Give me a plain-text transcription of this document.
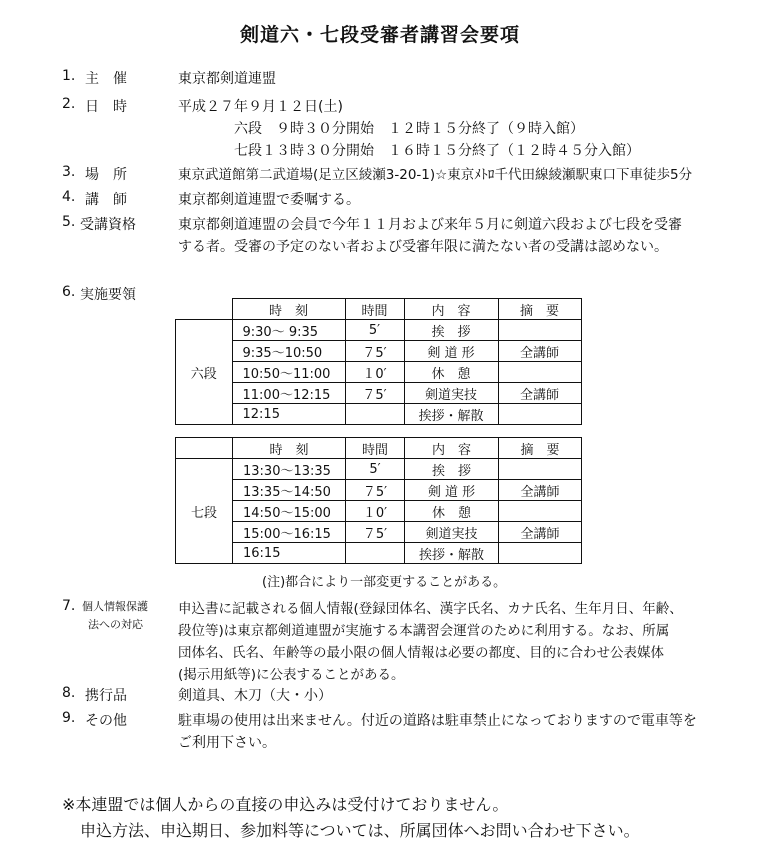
剣道六・七段受審者講習会要項
1. 主　催	東京都剣道連盟
2. 日　時	平成２７年９月１２日(土)
六段　９時３０分開始　１２時１５分終了（９時入館）
七段１３時３０分開始　１６時１５分終了（１２時４５分入館）
3. 場　所	東京武道館第二武道場(足立区綾瀬3-20-1)☆東京ﾒﾄﾛ千代田線綾瀬駅東口下車徒歩5分
4. 講　師	東京都剣道連盟で委嘱する。
5. 受講資格	東京都剣道連盟の会員で今年１１月および来年５月に剣道六段および七段を受審
する者。受審の予定のない者および受審年限に満たない者の受講は認めない。
6. 実施要領
	時　刻	時間	内　容	摘　要
六段	9:30～ 9:35	5′	挨　拶	
	9:35～10:50	７5′	剣 道 形	全講師
	10:50～11:00	１0′	休　憩	
	11:00～12:15	７5′	剣道実技	全講師
	12:15		挨拶・解散	
	時　刻	時間	内　容	摘　要
七段	13:30～13:35	5′	挨　拶	
	13:35～14:50	７5′	剣 道 形	全講師
	14:50～15:00	１0′	休　憩	
	15:00～16:15	７5′	剣道実技	全講師
	16:15		挨拶・解散	
(注)都合により一部変更することがある。
7. 個人情報保護
法への対応
申込書に記載される個人情報(登録団体名、漢字氏名、カナ氏名、生年月日、年齢、
段位等)は東京都剣道連盟が実施する本講習会運営のために利用する。なお、所属
団体名、氏名、年齢等の最小限の個人情報は必要の都度、目的に合わせ公表媒体
(掲示用紙等)に公表することがある。
8. 携行品	剣道具、木刀（大・小）
9. その他	駐車場の使用は出来ません。付近の道路は駐車禁止になっておりますので電車等を
ご利用下さい。
※本連盟では個人からの直接の申込みは受付けておりません。
申込方法、申込期日、参加料等については、所属団体へお問い合わせ下さい。
